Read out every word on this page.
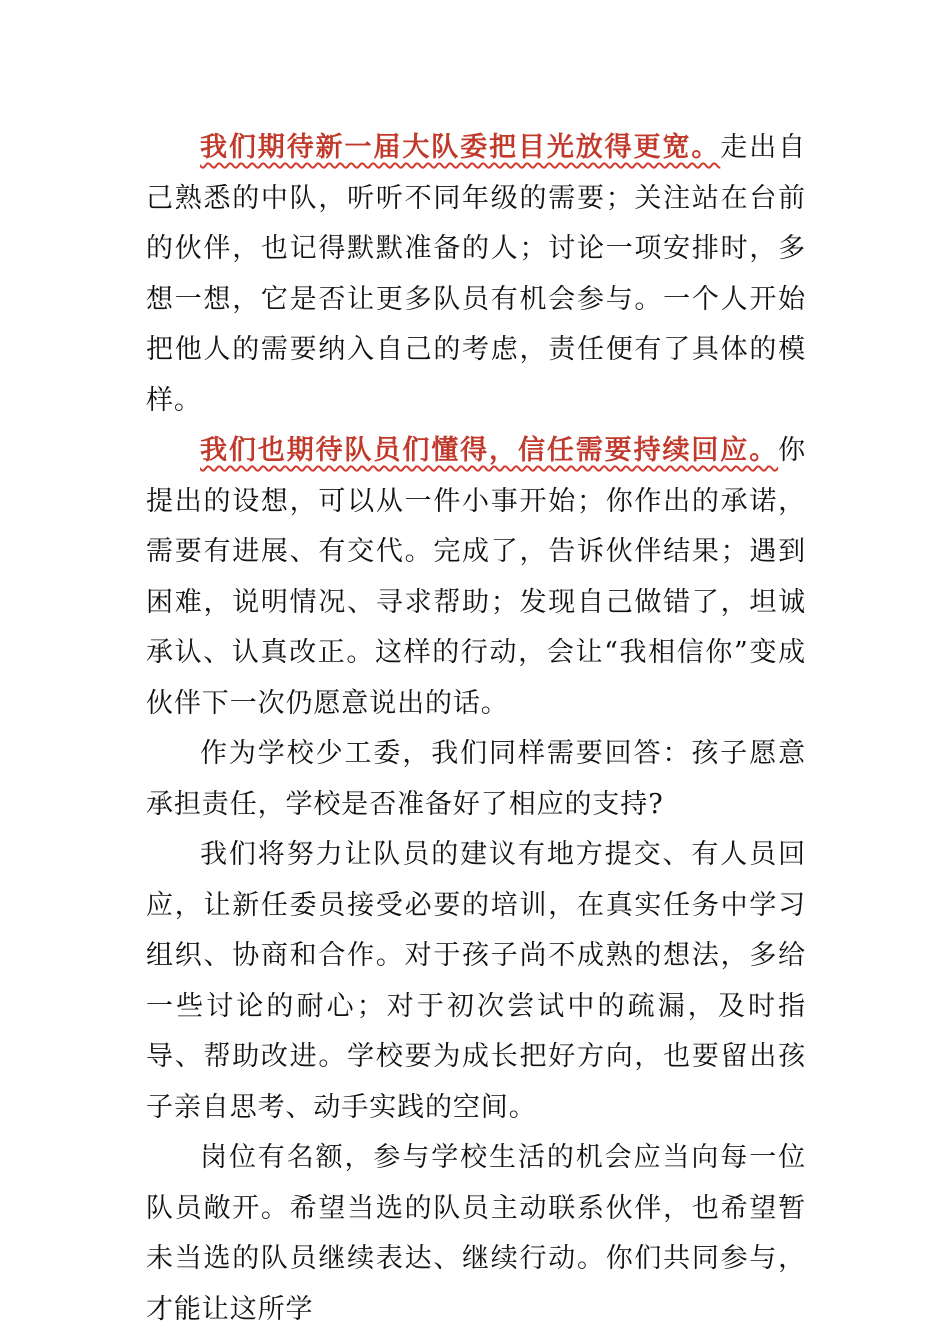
我们期待新一届大队委把目光放得更宽。走出自己熟悉的中队，听听不同年级的需要；关注站在台前的伙伴，也记得默默准备的人；讨论一项安排时，多想一想，它是否让更多队员有机会参与。一个人开始把他人的需要纳入自己的考虑，责任便有了具体的模样。

我们也期待队员们懂得，信任需要持续回应。你提出的设想，可以从一件小事开始；你作出的承诺，需要有进展、有交代。完成了，告诉伙伴结果；遇到困难，说明情况、寻求帮助；发现自己做错了，坦诚承认、认真改正。这样的行动，会让“我相信你”变成伙伴下一次仍愿意说出的话。

作为学校少工委，我们同样需要回答：孩子愿意承担责任，学校是否准备好了相应的支持?

我们将努力让队员的建议有地方提交、有人员回应，让新任委员接受必要的培训，在真实任务中学习组织、协商和合作。对于孩子尚不成熟的想法，多给一些讨论的耐心；对于初次尝试中的疏漏，及时指导、帮助改进。学校要为成长把好方向，也要留出孩子亲自思考、动手实践的空间。

岗位有名额，参与学校生活的机会应当向每一位队员敞开。希望当选的队员主动联系伙伴，也希望暂未当选的队员继续表达、继续行动。你们共同参与，才能让这所学
